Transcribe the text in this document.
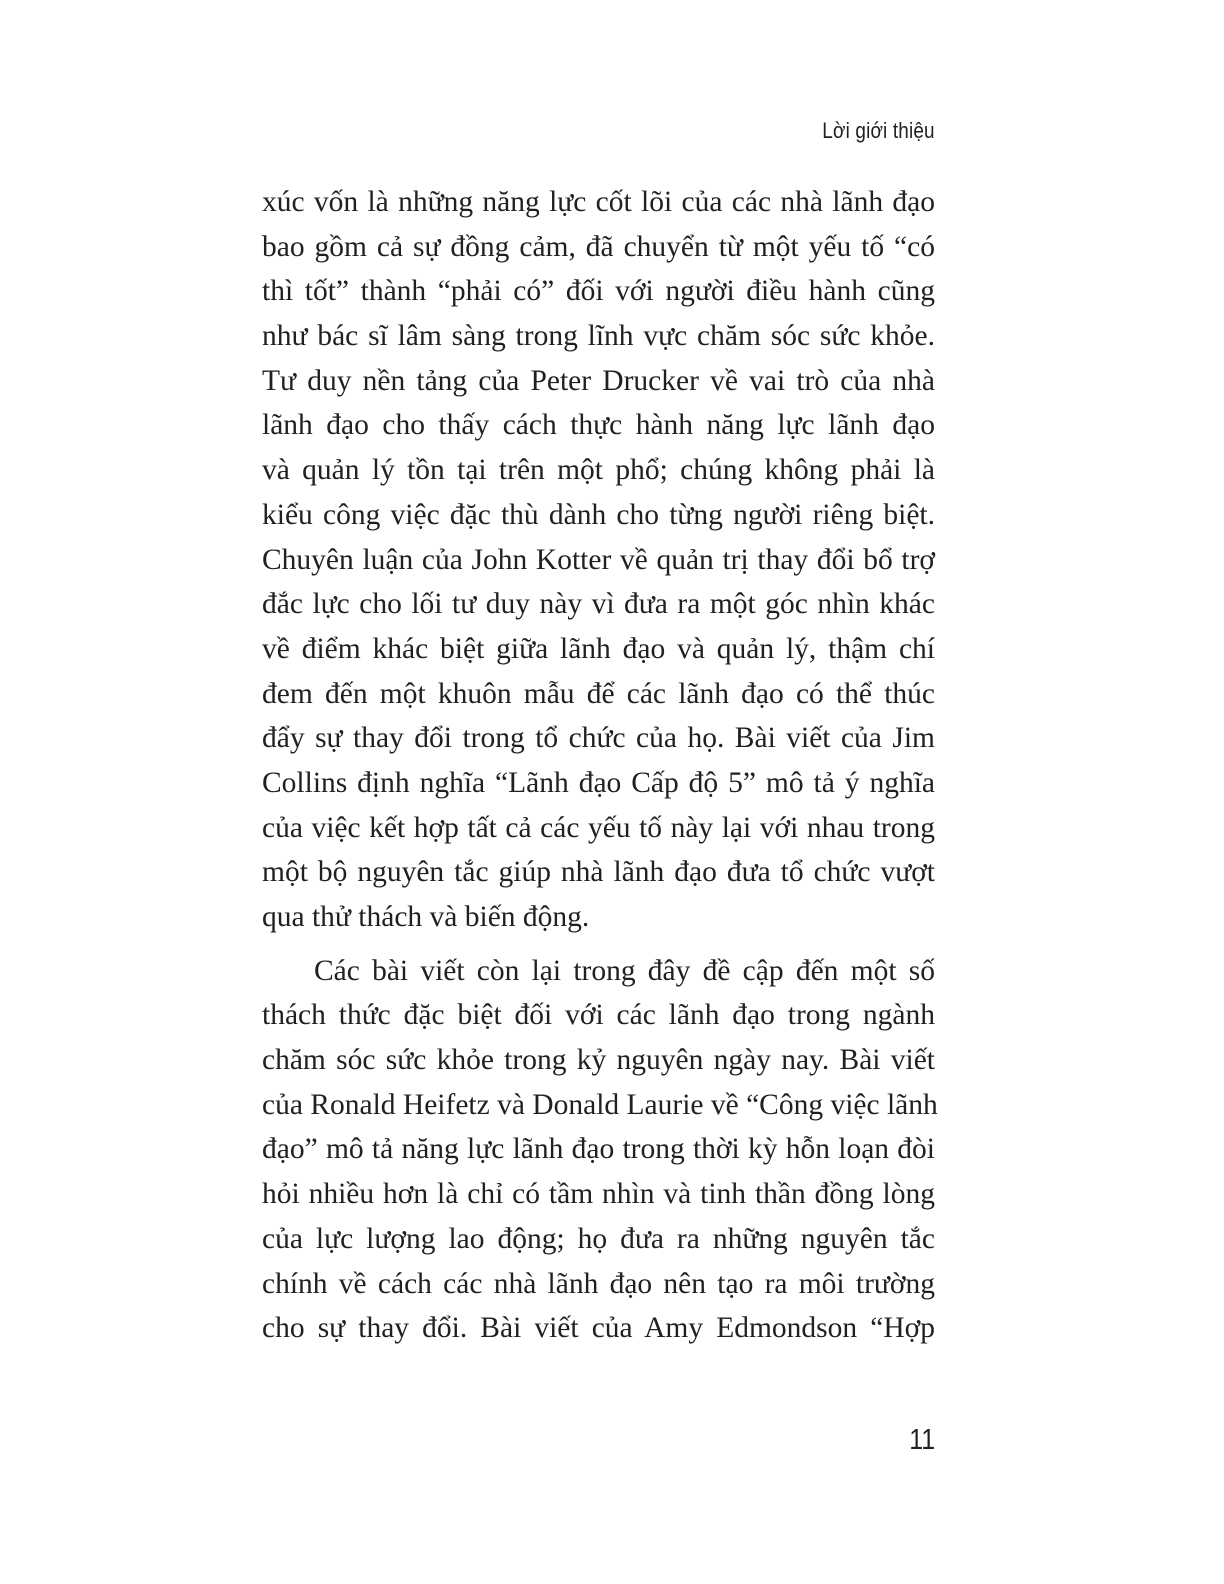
Lời giới thiệu
xúc vốn là những năng lực cốt lõi của các nhà lãnh đạo
bao gồm cả sự đồng cảm, đã chuyển từ một yếu tố “có
thì tốt” thành “phải có” đối với người điều hành cũng
như bác sĩ lâm sàng trong lĩnh vực chăm sóc sức khỏe.
Tư duy nền tảng của Peter Drucker về vai trò của nhà
lãnh đạo cho thấy cách thực hành năng lực lãnh đạo
và quản lý tồn tại trên một phổ; chúng không phải là
kiểu công việc đặc thù dành cho từng người riêng biệt.
Chuyên luận của John Kotter về quản trị thay đổi bổ trợ
đắc lực cho lối tư duy này vì đưa ra một góc nhìn khác
về điểm khác biệt giữa lãnh đạo và quản lý, thậm chí
đem đến một khuôn mẫu để các lãnh đạo có thể thúc
đẩy sự thay đổi trong tổ chức của họ. Bài viết của Jim
Collins định nghĩa “Lãnh đạo Cấp độ 5” mô tả ý nghĩa
của việc kết hợp tất cả các yếu tố này lại với nhau trong
một bộ nguyên tắc giúp nhà lãnh đạo đưa tổ chức vượt
qua thử thách và biến động.
Các bài viết còn lại trong đây đề cập đến một số
thách thức đặc biệt đối với các lãnh đạo trong ngành
chăm sóc sức khỏe trong kỷ nguyên ngày nay. Bài viết
của Ronald Heifetz và Donald Laurie về “Công việc lãnh
đạo” mô tả năng lực lãnh đạo trong thời kỳ hỗn loạn đòi
hỏi nhiều hơn là chỉ có tầm nhìn và tinh thần đồng lòng
của lực lượng lao động; họ đưa ra những nguyên tắc
chính về cách các nhà lãnh đạo nên tạo ra môi trường
cho sự thay đổi. Bài viết của Amy Edmondson “Hợp
11
